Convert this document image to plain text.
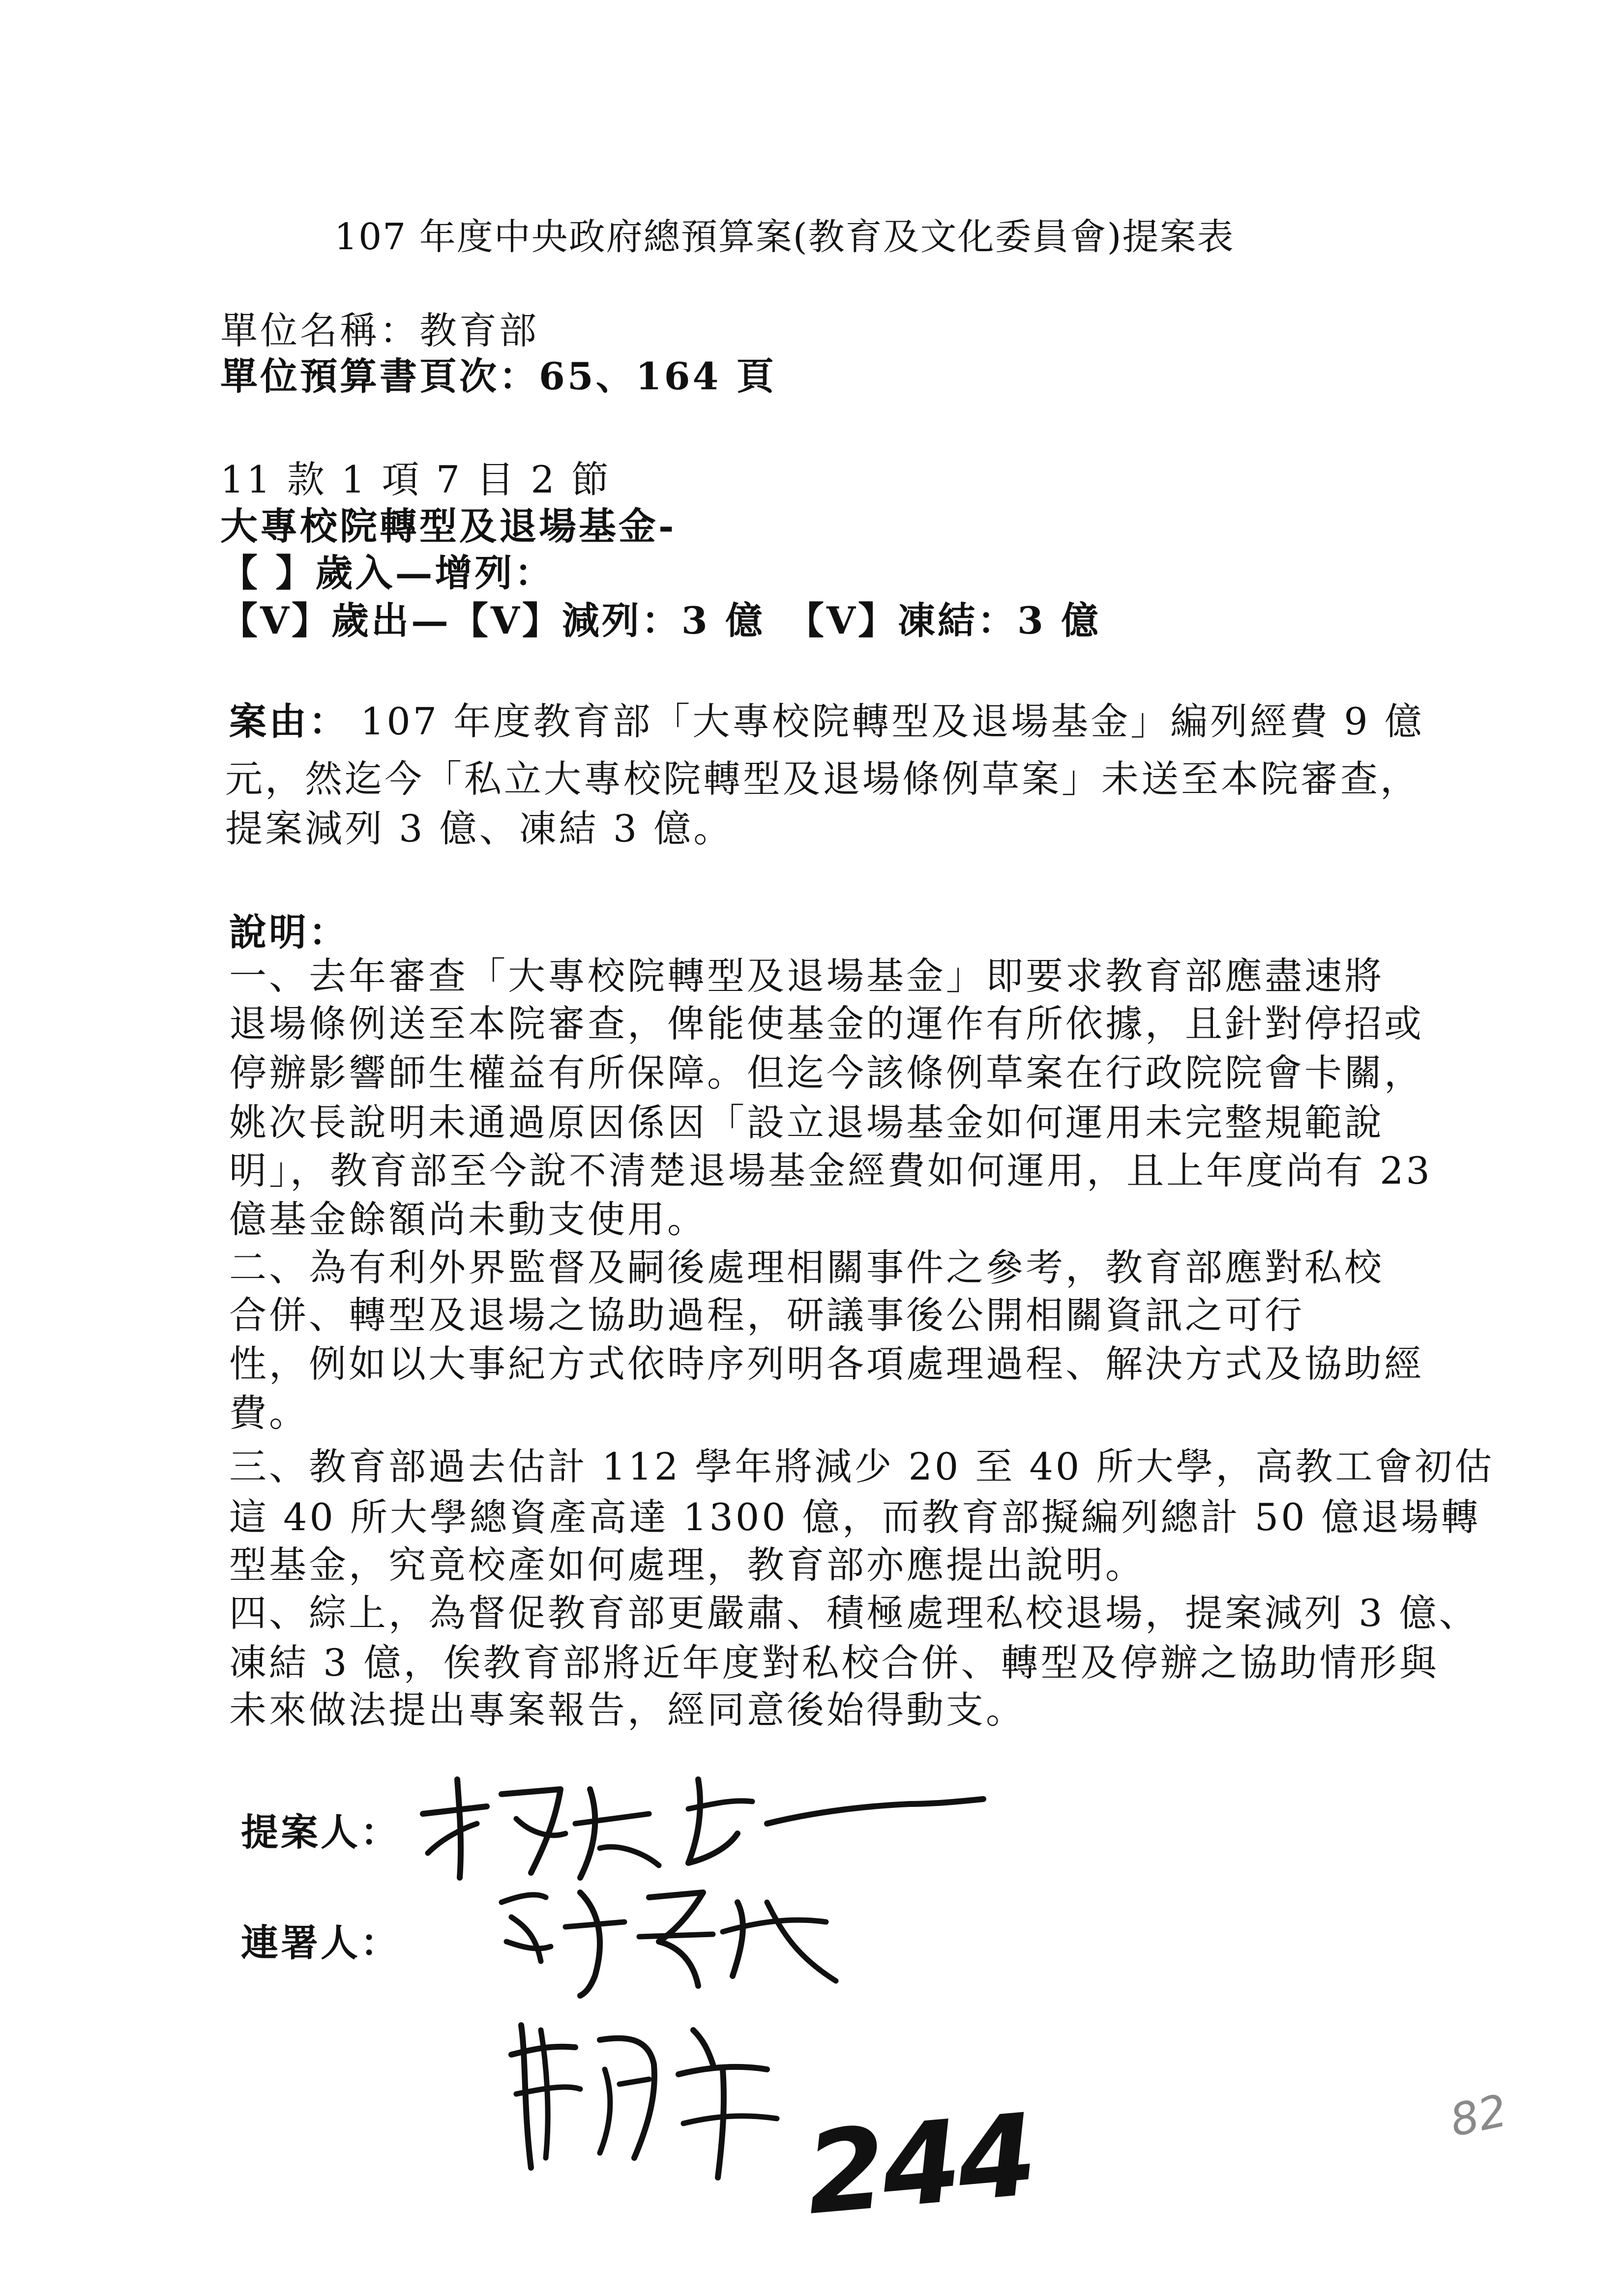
107 年度中央政府總預算案(教育及文化委員會)提案表
單位名稱：教育部
單位預算書頁次：65、164 頁
11 款 1 項 7 目 2 節
大專校院轉型及退場基金-
【 】歲入—增列：
【V】歲出—【V】減列：3 億 【V】凍結：3 億
案由： 107 年度教育部「大專校院轉型及退場基金」編列經費 9 億
元，然迄今「私立大專校院轉型及退場條例草案」未送至本院審查，
提案減列 3 億、凍結 3 億。
說明：
一、去年審查「大專校院轉型及退場基金」即要求教育部應盡速將
退場條例送至本院審查，俾能使基金的運作有所依據，且針對停招或
停辦影響師生權益有所保障。但迄今該條例草案在行政院院會卡關，
姚次長說明未通過原因係因「設立退場基金如何運用未完整規範說
明」，教育部至今說不清楚退場基金經費如何運用，且上年度尚有 23
億基金餘額尚未動支使用。
二、為有利外界監督及嗣後處理相關事件之參考，教育部應對私校
合併、轉型及退場之協助過程，研議事後公開相關資訊之可行
性，例如以大事紀方式依時序列明各項處理過程、解決方式及協助經
費。
三、教育部過去估計 112 學年將減少 20 至 40 所大學，高教工會初估
這 40 所大學總資產高達 1300 億，而教育部擬編列總計 50 億退場轉
型基金，究竟校產如何處理，教育部亦應提出說明。
四、綜上，為督促教育部更嚴肅、積極處理私校退場，提案減列 3 億、
凍結 3 億，俟教育部將近年度對私校合併、轉型及停辦之協助情形與
未來做法提出專案報告，經同意後始得動支。
提案人：
連署人：
244	82
